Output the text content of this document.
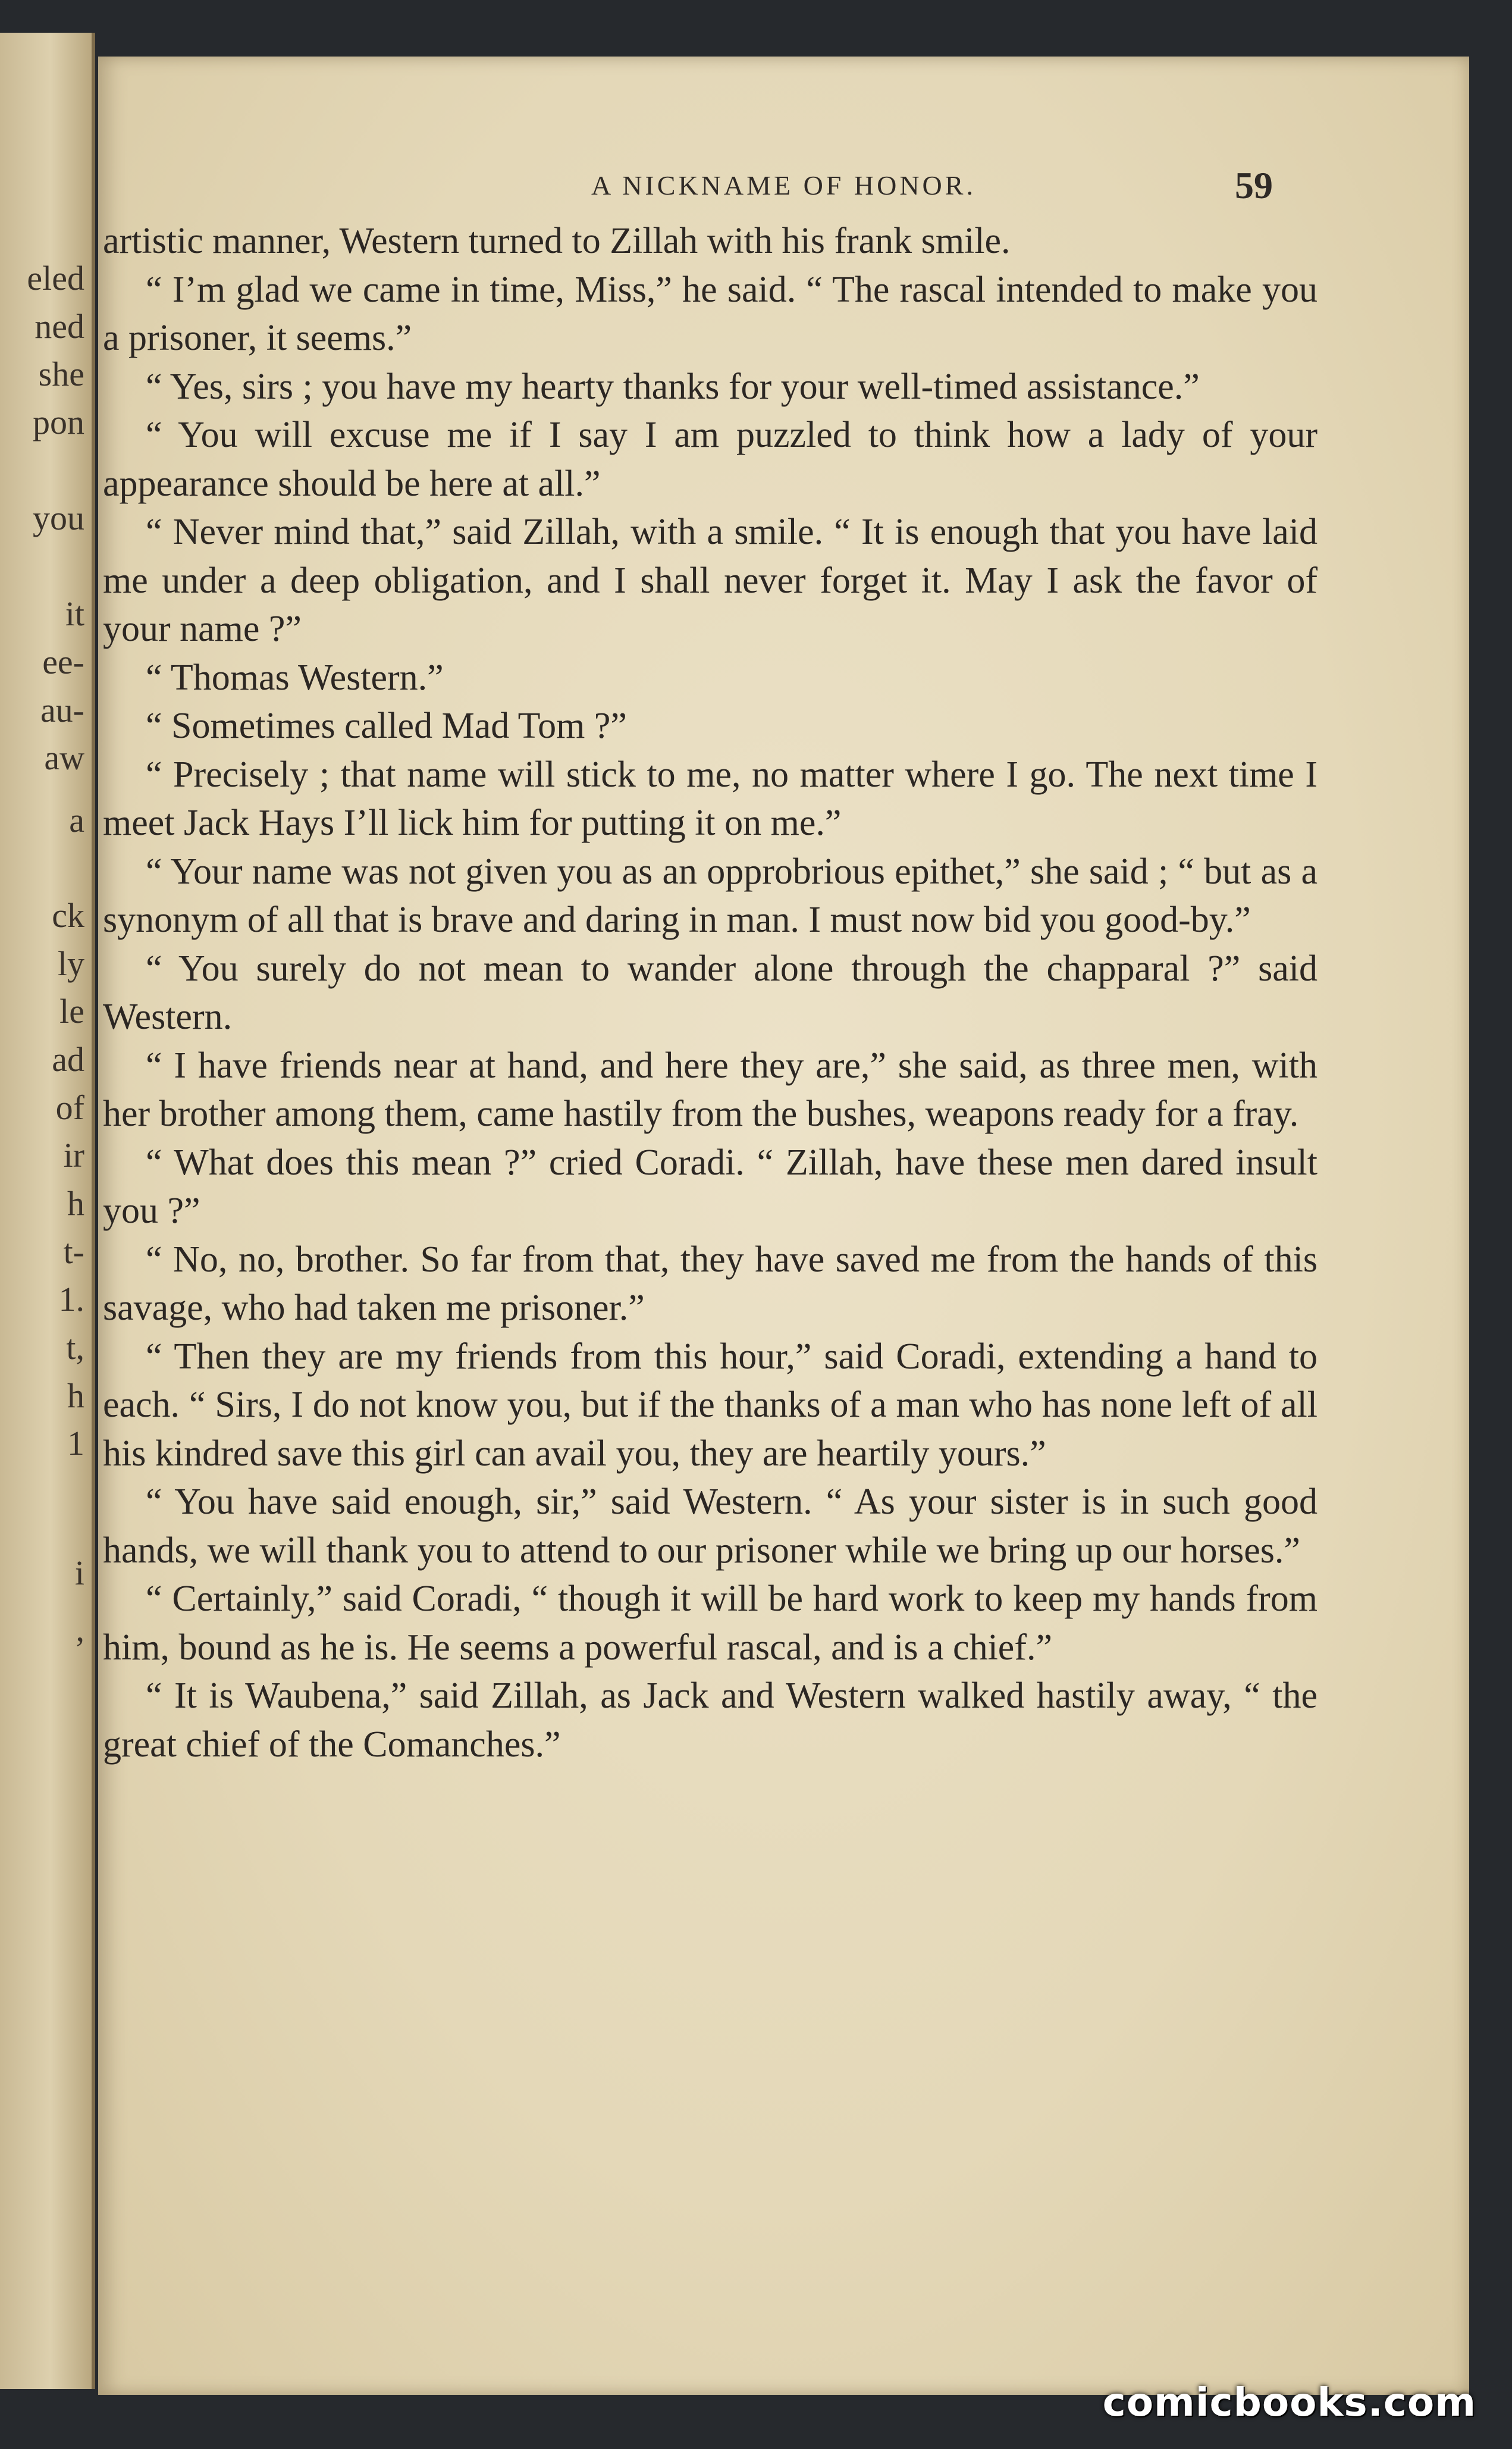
eled
ned
she
pon
you
it
ee-
au-
aw
a
ck
ly
le
ad
of
ir
h
t-
1.
t,
h
1
i
,
A NICKNAME OF HONOR.	59

artistic manner, Western turned to Zillah with his frank smile.

“ I’m glad we came in time, Miss,” he said. “ The rascal intended to make you a prisoner, it seems.”

“ Yes, sirs ; you have my hearty thanks for your well-timed assistance.”

“ You will excuse me if I say I am puzzled to think how a lady of your appearance should be here at all.”

“ Never mind that,” said Zillah, with a smile. “ It is enough that you have laid me under a deep obligation, and I shall never forget it. May I ask the favor of your name ?”

“ Thomas Western.”

“ Sometimes called Mad Tom ?”

“ Precisely ; that name will stick to me, no matter where I go. The next time I meet Jack Hays I’ll lick him for putting it on me.”

“ Your name was not given you as an opprobrious epithet,” she said ; “ but as a synonym of all that is brave and daring in man. I must now bid you good-by.”

“ You surely do not mean to wander alone through the chapparal ?” said Western.

“ I have friends near at hand, and here they are,” she said, as three men, with her brother among them, came hastily from the bushes, weapons ready for a fray.

“ What does this mean ?” cried Coradi. “ Zillah, have these men dared insult you ?”

“ No, no, brother. So far from that, they have saved me from the hands of this savage, who had taken me prisoner.”

“ Then they are my friends from this hour,” said Coradi, extending a hand to each. “ Sirs, I do not know you, but if the thanks of a man who has none left of all his kindred save this girl can avail you, they are heartily yours.”

“ You have said enough, sir,” said Western. “ As your sister is in such good hands, we will thank you to attend to our prisoner while we bring up our horses.”

“ Certainly,” said Coradi, “ though it will be hard work to keep my hands from him, bound as he is. He seems a powerful rascal, and is a chief.”

“ It is Waubena,” said Zillah, as Jack and Western walked hastily away, “ the great chief of the Comanches.”

comicbooks.com
